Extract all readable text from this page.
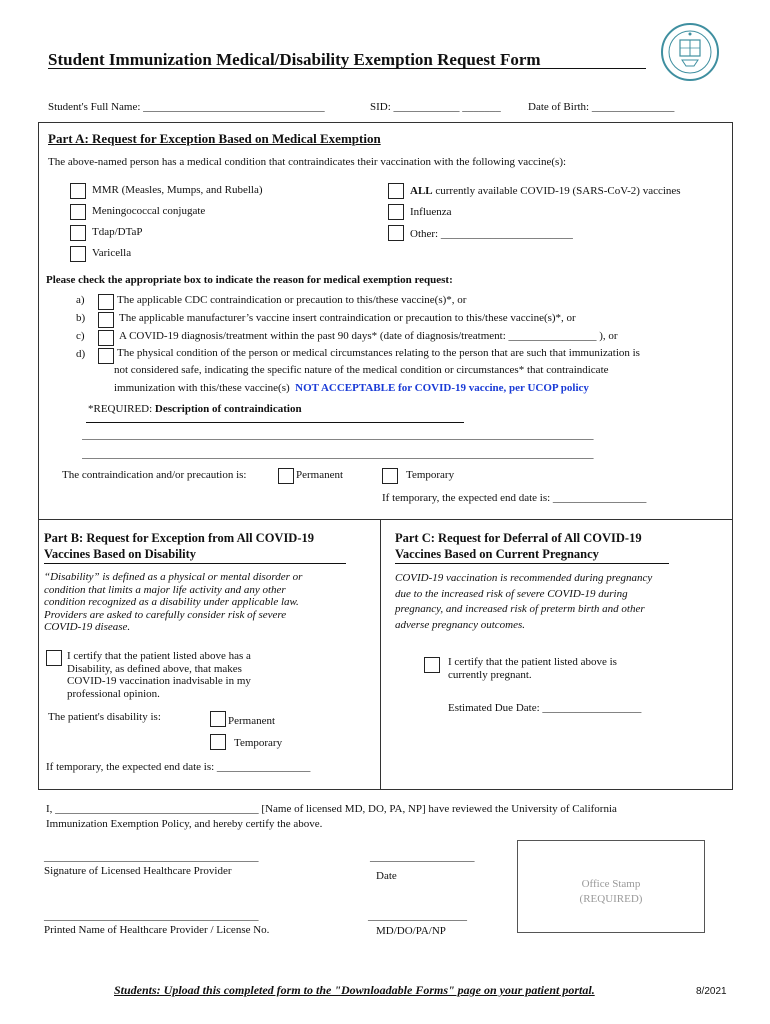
Student Immunization Medical/Disability Exemption Request Form
Student's Full Name: _________________________________	SID: ____________ _______ Date of Birth: _______________
Part A: Request for Exception Based on Medical Exemption
The above-named person has a medical condition that contraindicates their vaccination with the following vaccine(s):
MMR (Measles, Mumps, and Rubella)
Meningococcal conjugate
Tdap/DTaP
Varicella
ALL currently available COVID-19 (SARS-CoV-2) vaccines
Influenza
Other: ________________________
Please check the appropriate box to indicate the reason for medical exemption request:
a)	The applicable CDC contraindication or precaution to this/these vaccine(s)*, or
b)	The applicable manufacturer’s vaccine insert contraindication or precaution to this/these vaccine(s)*, or
c)	A COVID-19 diagnosis/treatment within the past 90 days* (date of diagnosis/treatment: ________________ ), or
d)	The physical condition of the person or medical circumstances relating to the person that are such that immunization is
not considered safe, indicating the specific nature of the medical condition or circumstances* that contraindicate
immunization with this/these vaccine(s) NOT ACCEPTABLE for COVID-19 vaccine, per UCOP policy
*REQUIRED: Description of contraindication
_____________________________________________________________________________________________
_____________________________________________________________________________________________
The contraindication and/or precaution is:	Permanent	Temporary
If temporary, the expected end date is: _________________
Part B: Request for Exception from All COVID-19
Vaccines Based on Disability
“Disability” is defined as a physical or mental disorder or
condition that limits a major life activity and any other
condition recognized as a disability under applicable law.
Providers are asked to carefully consider risk of severe
COVID-19 disease.
I certify that the patient listed above has a
Disability, as defined above, that makes
COVID-19 vaccination inadvisable in my
professional opinion.
The patient's disability is:	Permanent
Temporary
If temporary, the expected end date is: _________________
Part C: Request for Deferral of All COVID-19
Vaccines Based on Current Pregnancy
COVID-19 vaccination is recommended during pregnancy
due to the increased risk of severe COVID-19 during
pregnancy, and increased risk of preterm birth and other
adverse pregnancy outcomes.
I certify that the patient listed above is
currently pregnant.
Estimated Due Date: __________________
I, _____________________________________ [Name of licensed MD, DO, PA, NP] have reviewed the University of California
Immunization Exemption Policy, and hereby certify the above.
_______________________________________
Signature of Licensed Healthcare Provider
___________________
Date
_______________________________________
Printed Name of Healthcare Provider / License No.
__________________
MD/DO/PA/NP
Office Stamp
(REQUIRED)
Students: Upload this completed form to the "Downloadable Forms" page on your patient portal.	8/2021
